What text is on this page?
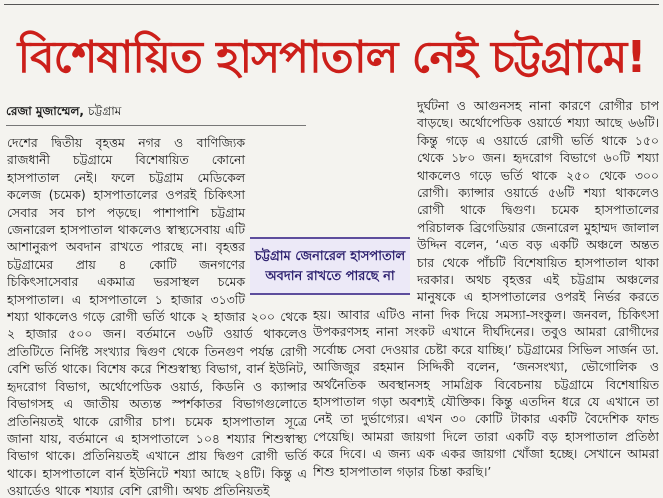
বিশেষায়িত হাসপাতাল নেই চট্টগ্রামে!
রেজা মুজাম্মেল, চট্টগ্রাম

দেশের দ্বিতীয় বৃহত্তম নগর ও বাণিজ্যিক রাজধানী চট্টগ্রামে বিশেষায়িত কোনো হাসপাতাল নেই। ফলে চট্টগ্রাম মেডিকেল কলেজ (চমেক) হাসপাতালের ওপরই চিকিৎসা সেবার সব চাপ পড়ছে। পাশাপাশি চট্টগ্রাম জেনারেল হাসপাতাল থাকলেও স্বাস্থ্যসেবায় এটি আশানুরূপ অবদান রাখতে পারছে না। বৃহত্তর চট্টগ্রামের প্রায় ৪ কোটি জনগণের চিকিৎসাসেবার একমাত্র ভরসাস্থল চমেক হাসপাতাল। এ হাসপাতালে ১ হাজার ৩১৩টি শয্যা থাকলেও গড়ে রোগী ভর্তি থাকে ২ হাজার ২০০ থেকে ২ হাজার ৫০০ জন। বর্তমানে ৩৬টি ওয়ার্ড থাকলেও প্রতিটিতে নির্দিষ্ট সংখ্যার দ্বিগুণ থেকে তিনগুণ পর্যন্ত রোগী বেশি ভর্তি থাকে। বিশেষ করে শিশুস্বাস্থ্য বিভাগ, বার্ন ইউনিট, হৃদরোগ বিভাগ, অর্থোপেডিক ওয়ার্ড, কিডনি ও ক্যান্সার বিভাগসহ এ জাতীয় অত্যন্ত স্পর্শকাতর বিভাগগুলোতে প্রতিনিয়তই থাকে রোগীর চাপ। চমেক হাসপাতাল সূত্রে জানা যায়, বর্তমানে এ হাসপাতালে ১০৪ শয্যার শিশুস্বাস্থ্য বিভাগ থাকে। প্রতিনিয়তই এখানে প্রায় দ্বিগুণ রোগী ভর্তি থাকে। হাসপাতালে বার্ন ইউনিটে শয্যা আছে ২৪টি। কিন্তু এ ওয়ার্ডেও থাকে শয্যার বেশি রোগী। অথচ প্রতিনিয়তই

দুর্ঘটনা ও আগুনসহ নানা কারণে রোগীর চাপ বাড়ছে। অর্থোপেডিক ওয়ার্ডে শয্যা আছে ৬৬টি। কিন্তু গড়ে এ ওয়ার্ডে রোগী ভর্তি থাকে ১৫০ থেকে ১৮০ জন। হৃদরোগ বিভাগে ৬০টি শয্যা থাকলেও গড়ে ভর্তি থাকে ২৫০ থেকে ৩০০ রোগী। ক্যান্সার ওয়ার্ডে ৫৬টি শয্যা থাকলেও রোগী থাকে দ্বিগুণ। চমেক হাসপাতালের পরিচালক ব্রিগেডিয়ার জেনারেল মুহাম্মদ জালাল উদ্দিন বলেন, ‘এত বড় একটি অঞ্চলে অন্তত চার থেকে পাঁচটি বিশেষায়িত হাসপাতাল থাকা দরকার। অথচ বৃহত্তর এই চট্টগ্রাম অঞ্চলের মানুষকে এ হাসপাতালের ওপরই নির্ভর করতে হয়। আবার এটিও নানা দিক দিয়ে সমস্যা-সংকুল। জনবল, চিকিৎসা উপকরণসহ নানা সংকট এখানে দীর্ঘদিনের। তবুও আমরা রোগীদের সর্বোচ্চ সেবা দেওয়ার চেষ্টা করে যাচ্ছি।’ চট্টগ্রামের সিভিল সার্জন ডা. আজিজুর রহমান সিদ্দিকী বলেন, ‘জনসংখ্যা, ভৌগোলিক ও অর্থনৈতিক অবস্থানসহ সামগ্রিক বিবেচনায় চট্টগ্রামে বিশেষায়িত হাসপাতাল গড়া অবশ্যই যৌক্তিক। কিন্তু এতদিন ধরে যে এখানে তা নেই তা দুর্ভাগ্যের। এখন ৩০ কোটি টাকার একটি বৈদেশিক ফান্ড পেয়েছি। আমরা জায়গা দিলে তারা একটি বড় হাসপাতাল প্রতিষ্ঠা করে দিবে। এ জন্য এক একর জায়গা খোঁজা হচ্ছে। সেখানে আমরা শিশু হাসপাতাল গড়ার চিন্তা করছি।’

চট্টগ্রাম জেনারেল হাসপাতাল
অবদান রাখতে পারছে না
